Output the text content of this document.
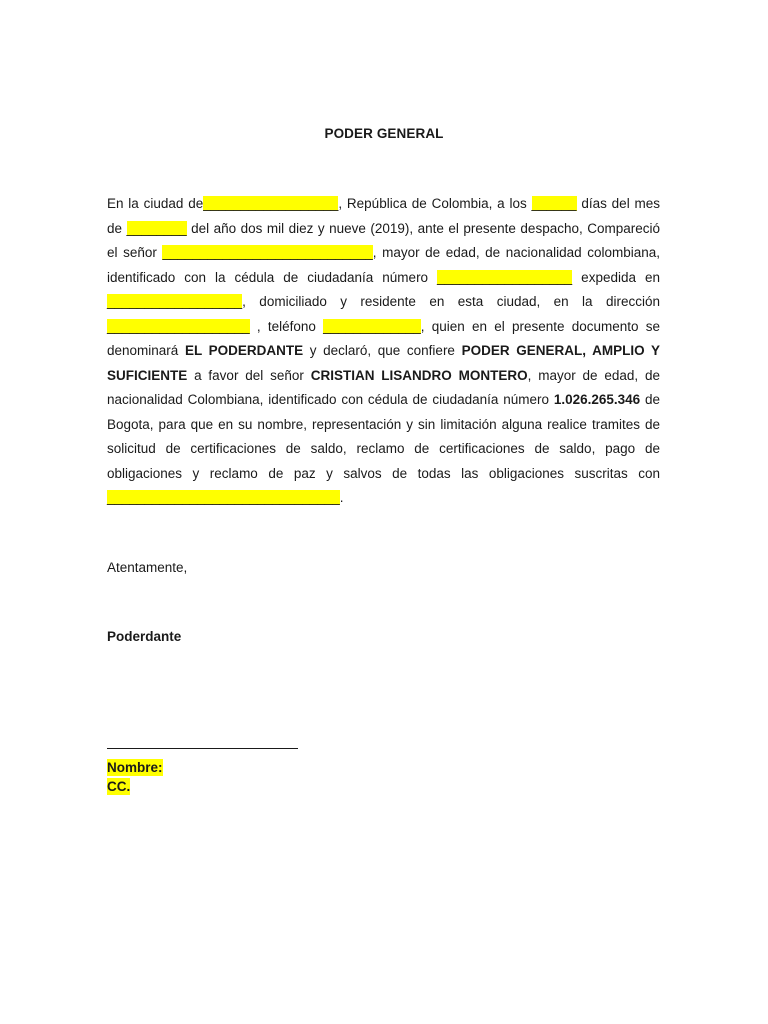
PODER GENERAL

En la ciudad de__________________, República de Colombia, a los ______ días del mes de ________ del año dos mil diez y nueve (2019), ante el presente despacho, Compareció el señor ____________________________, mayor de edad, de nacionalidad colombiana, identificado con la cédula de ciudadanía número __________________ expedida en __________________, domiciliado y residente en esta ciudad, en la dirección ___________________ , teléfono _____________, quien en el presente documento se denominará EL PODERDANTE y declaró, que confiere PODER GENERAL, AMPLIO Y SUFICIENTE a favor del señor CRISTIAN LISANDRO MONTERO, mayor de edad, de nacionalidad Colombiana, identificado con cédula de ciudadanía número 1.026.265.346 de Bogota, para que en su nombre, representación y sin limitación alguna realice tramites de solicitud de certificaciones de saldo, reclamo de certificaciones de saldo, pago de obligaciones y reclamo de paz y salvos de todas las obligaciones suscritas con _______________________________.

Atentamente,
Poderdante
Nombre:
CC.
